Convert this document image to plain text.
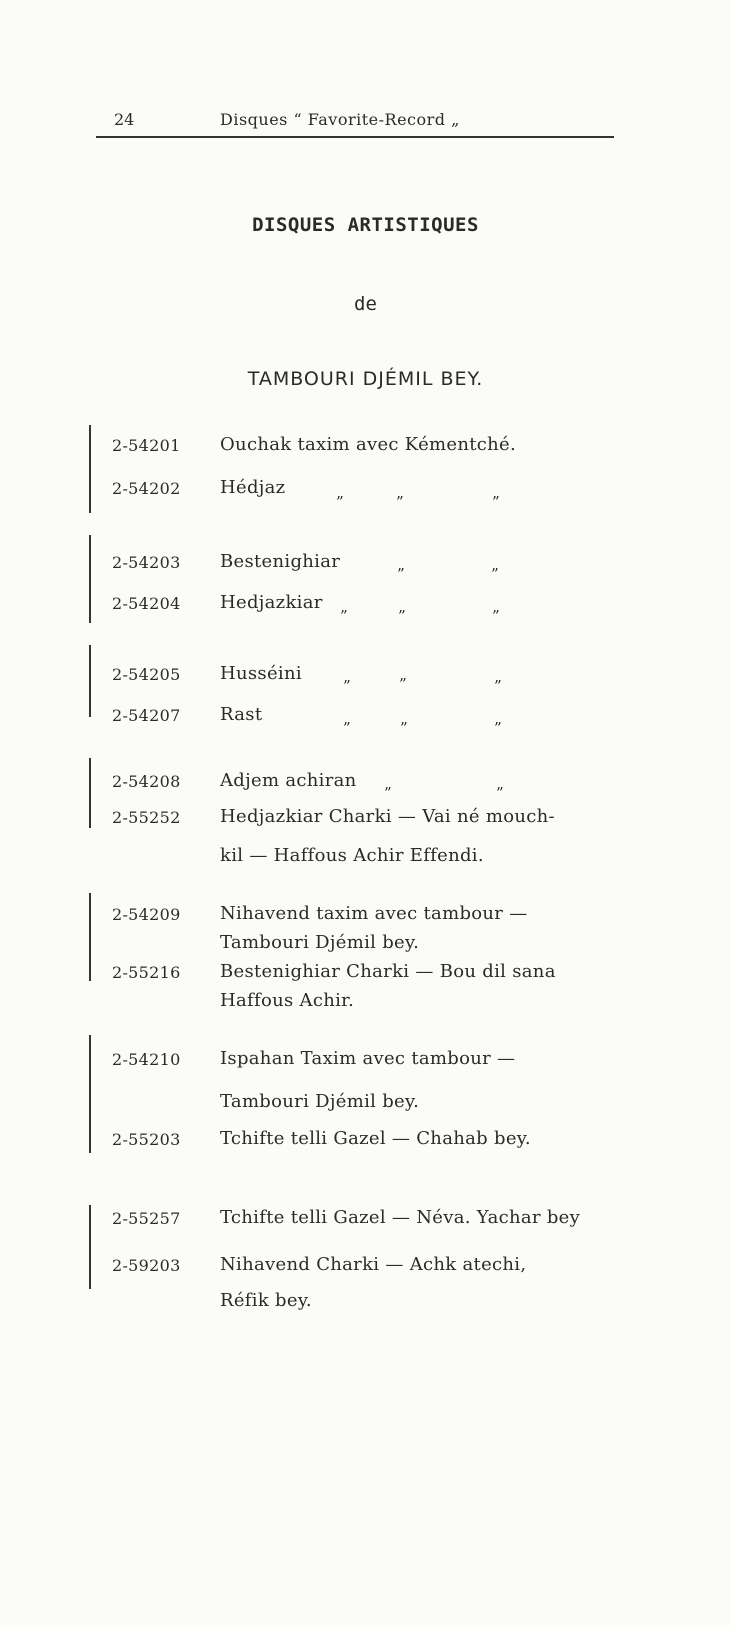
24	Disques “ Favorite-Record „
DISQUES ARTISTIQUES
de
TAMBOURI DJÉMIL BEY.
2-54201 Ouchak taxim avec Kémentché.
2-54202 Hédjaz
”	”	”
2-54203 Bestenighiar
”	”
2-54204 Hedjazkiar
”	”	”
2-54205 Husséini
”	”	”
2-54207 Rast
”	”	”
2-54208 Adjem achiran
”	”
2-55252 Hedjazkiar Charki — Vai né mouch-
kil — Haffous Achir Effendi.
2-54209 Nihavend taxim avec tambour —
Tambouri Djémil bey.
2-55216 Bestenighiar Charki — Bou dil sana
Haffous Achir.
2-54210 Ispahan Taxim avec tambour —
Tambouri Djémil bey.
2-55203 Tchifte telli Gazel — Chahab bey.
2-55257 Tchifte telli Gazel — Néva. Yachar bey
2-59203 Nihavend Charki — Achk atechi,
Réfik bey.
